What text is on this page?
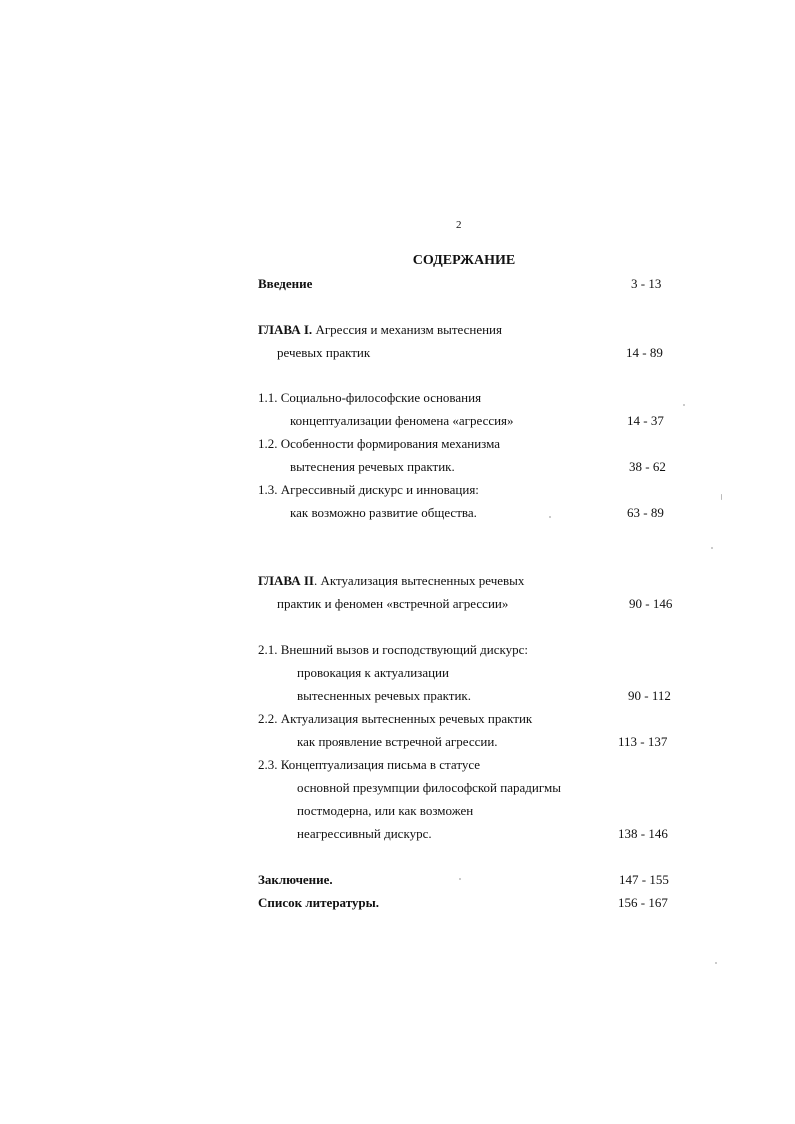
2
СОДЕРЖАНИЕ
Введение	3 - 13
ГЛАВА I. Агрессия и механизм вытеснения
речевых практик	14 - 89
1.1. Социально-философские основания
концептуализации феномена «агрессия»	14 - 37
1.2. Особенности формирования механизма
вытеснения речевых практик.	38 - 62
1.3. Агрессивный дискурс и инновация:
как возможно развитие общества.	63 - 89
ГЛАВА II. Актуализация вытесненных речевых
практик и феномен «встречной агрессии»	90 - 146
2.1. Внешний вызов и господствующий дискурс:
провокация к актуализации
вытесненных речевых практик.	90 - 112
2.2. Актуализация вытесненных речевых практик
как проявление встречной агрессии.	113 - 137
2.3. Концептуализация письма в статусе
основной презумпции философской парадигмы
постмодерна, или как возможен
неагрессивный дискурс.	138 - 146
Заключение.	147 - 155
Список литературы.	156 - 167
